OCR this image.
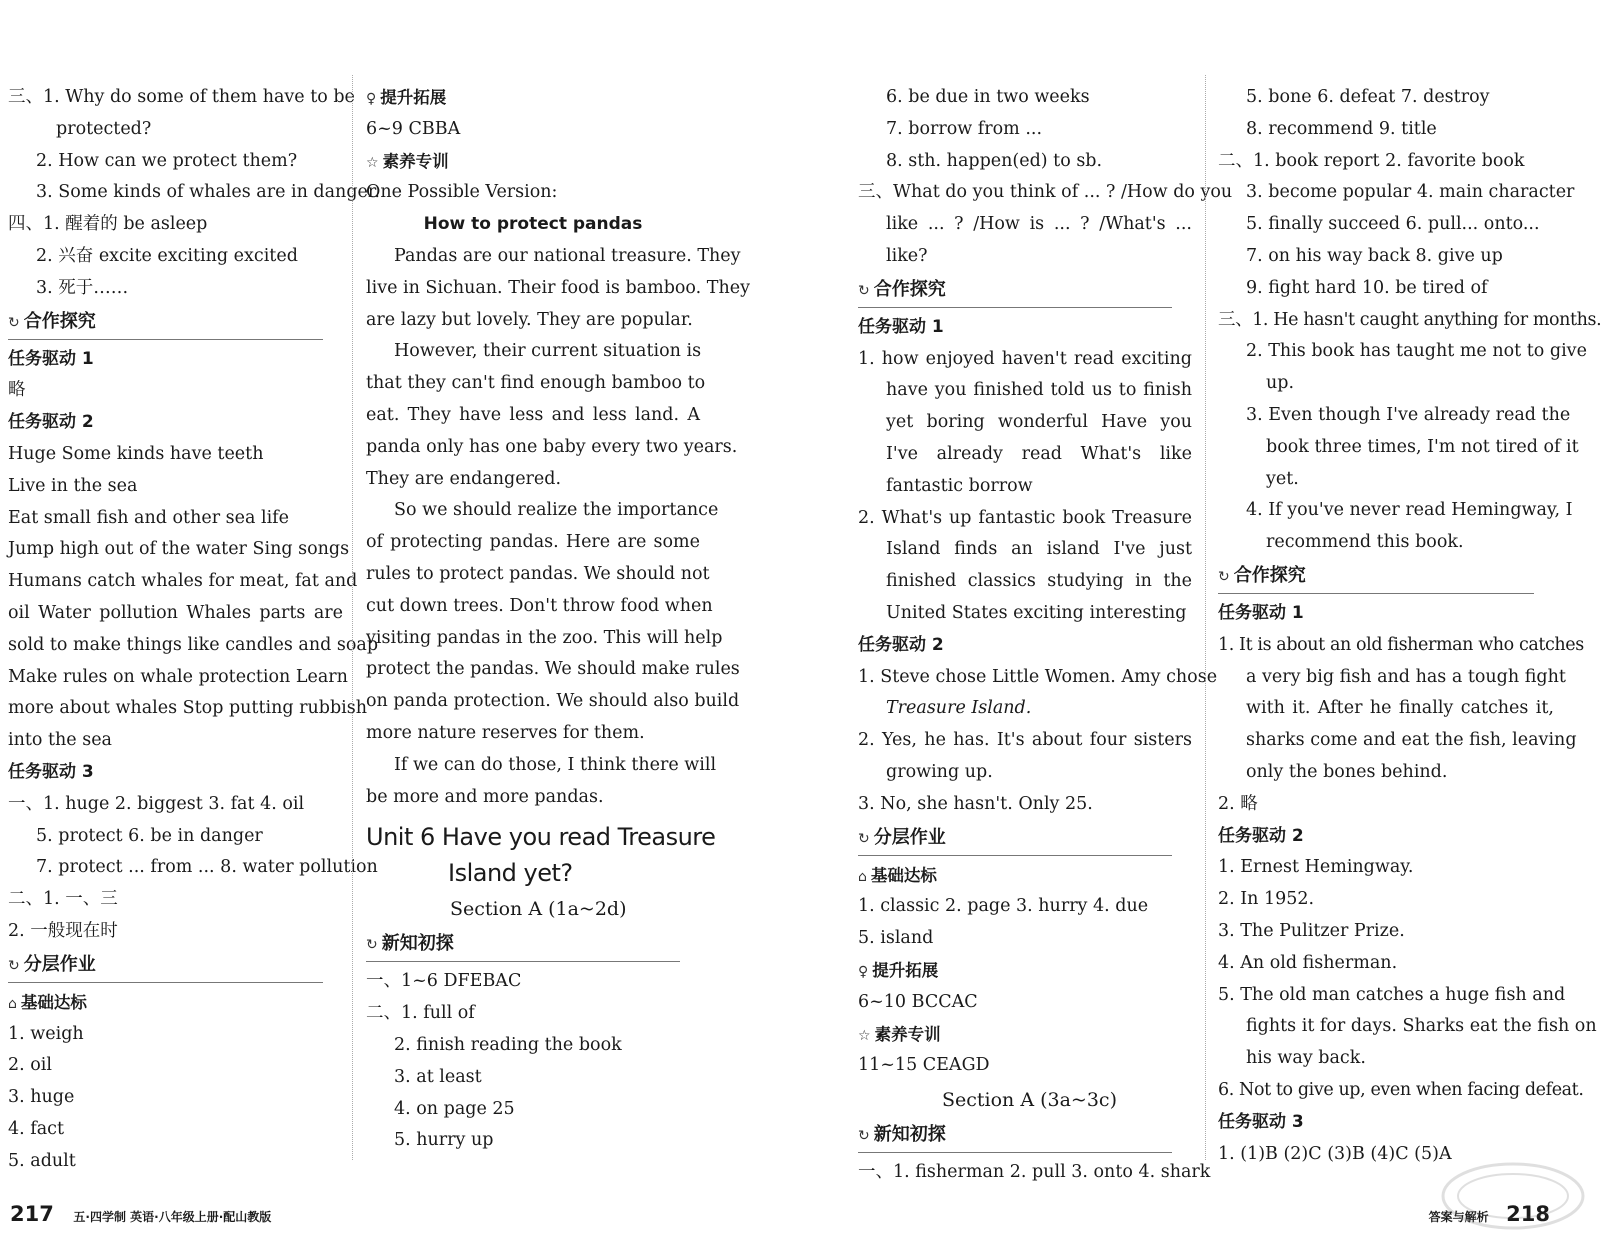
三、1. Why do some of them have to be
protected?
2. How can we protect them?
3. Some kinds of whales are in danger.
四、1. 醒着的 be asleep
2. 兴奋 excite exciting excited
3. 死于……
↻ 合作探究
任务驱动 1
略
任务驱动 2
Huge Some kinds have teeth
Live in the sea
Eat small fish and other sea life
Jump high out of the water Sing songs
Humans catch whales for meat, fat and
oil Water pollution Whales parts are
sold to make things like candles and soap
Make rules on whale protection Learn
more about whales Stop putting rubbish
into the sea
任务驱动 3
一、1. huge 2. biggest 3. fat 4. oil
5. protect 6. be in danger
7. protect ... from ... 8. water pollution
二、1. 一、三
2. 一般现在时
↻ 分层作业
⌂ 基础达标
1. weigh
2. oil
3. huge
4. fact
5. adult
♀ 提升拓展
6~9 CBBA
☆ 素养专训
One Possible Version:
How to protect pandas
Pandas are our national treasure. They
live in Sichuan. Their food is bamboo. They
are lazy but lovely. They are popular.
However, their current situation is
that they can't find enough bamboo to
eat. They have less and less land. A
panda only has one baby every two years.
They are endangered.
So we should realize the importance
of protecting pandas. Here are some
rules to protect pandas. We should not
cut down trees. Don't throw food when
visiting pandas in the zoo. This will help
protect the pandas. We should make rules
on panda protection. We should also build
more nature reserves for them.
If we can do those, I think there will
be more and more pandas.
Unit 6 Have you read Treasure
Island yet?
Section A (1a~2d)
↻ 新知初探
一、1~6 DFEBAC
二、1. full of
2. finish reading the book
3. at least
4. on page 25
5. hurry up
217 五·四学制 英语·八年级上册·配山教版
6. be due in two weeks
7. borrow from ...
8. sth. happen(ed) to sb.
三、What do you think of ... ? /How do you
like ... ? /How is ... ? /What's ...
like?
↻ 合作探究
任务驱动 1
1. how enjoyed haven't read exciting
have you finished told us to finish
yet boring wonderful Have you
I've already read What's like
fantastic borrow
2. What's up fantastic book Treasure
Island finds an island I've just
finished classics studying in the
United States exciting interesting
任务驱动 2
1. Steve chose Little Women. Amy chose
Treasure Island.
2. Yes, he has. It's about four sisters
growing up.
3. No, she hasn't. Only 25.
↻ 分层作业
⌂ 基础达标
1. classic 2. page 3. hurry 4. due
5. island
♀ 提升拓展
6~10 BCCAC
☆ 素养专训
11~15 CEAGD
Section A (3a~3c)
↻ 新知初探
一、1. fisherman 2. pull 3. onto 4. shark
5. bone 6. defeat 7. destroy
8. recommend 9. title
二、1. book report 2. favorite book
3. become popular 4. main character
5. finally succeed 6. pull... onto...
7. on his way back 8. give up
9. fight hard 10. be tired of
三、1. He hasn't caught anything for months.
2. This book has taught me not to give
up.
3. Even though I've already read the
book three times, I'm not tired of it
yet.
4. If you've never read Hemingway, I
recommend this book.
↻ 合作探究
任务驱动 1
1. It is about an old fisherman who catches
a very big fish and has a tough fight
with it. After he finally catches it,
sharks come and eat the fish, leaving
only the bones behind.
2. 略
任务驱动 2
1. Ernest Hemingway.
2. In 1952.
3. The Pulitzer Prize.
4. An old fisherman.
5. The old man catches a huge fish and
fights it for days. Sharks eat the fish on
his way back.
6. Not to give up, even when facing defeat.
任务驱动 3
1. (1)B (2)C (3)B (4)C (5)A
答案与解析 218
